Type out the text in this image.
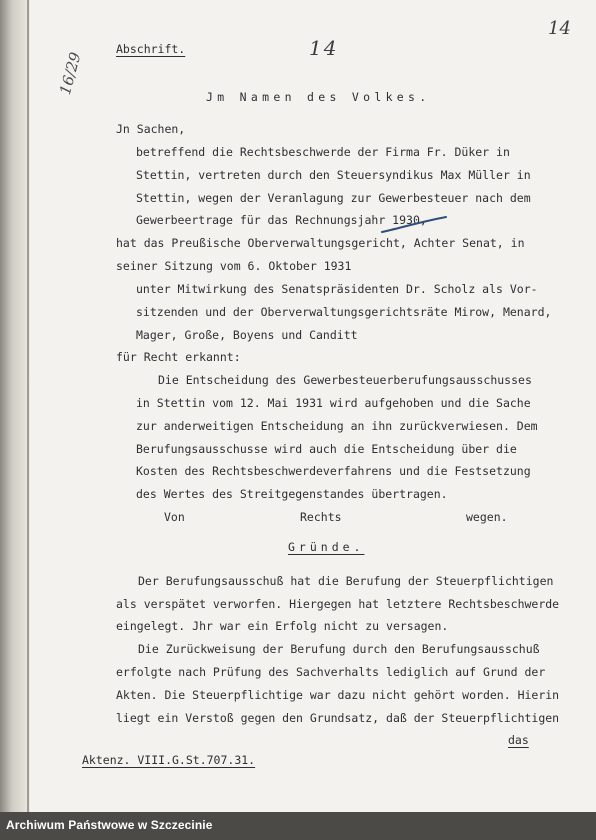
14
14
16/29
Abschrift.
Jm Namen des Volkes.
Jn Sachen,
betreffend die Rechtsbeschwerde der Firma Fr. Düker in
Stettin, vertreten durch den Steuersyndikus Max Müller in
Stettin, wegen der Veranlagung zur Gewerbesteuer nach dem
Gewerbeertrage für das Rechnungsjahr 1930,
hat das Preußische Oberverwaltungsgericht, Achter Senat, in
seiner Sitzung vom 6. Oktober 1931
unter Mitwirkung des Senatspräsidenten Dr. Scholz als Vor-
sitzenden und der Oberverwaltungsgerichtsräte Mirow, Menard,
Mager, Große, Boyens und Canditt
für Recht erkannt:
Die Entscheidung des Gewerbesteuerberufungsausschusses
in Stettin vom 12. Mai 1931 wird aufgehoben und die Sache
zur anderweitigen Entscheidung an ihn zurückverwiesen. Dem
Berufungsausschusse wird auch die Entscheidung über die
Kosten des Rechtsbeschwerdeverfahrens und die Festsetzung
des Wertes des Streitgegenstandes übertragen.
Von	Rechts	wegen.
Gründe.
Der Berufungsausschuß hat die Berufung der Steuerpflichtigen
als verspätet verworfen. Hiergegen hat letztere Rechtsbeschwerde
eingelegt. Jhr war ein Erfolg nicht zu versagen.
Die Zurückweisung der Berufung durch den Berufungsausschuß
erfolgte nach Prüfung des Sachverhalts lediglich auf Grund der
Akten. Die Steuerpflichtige war dazu nicht gehört worden. Hierin
liegt ein Verstoß gegen den Grundsatz, daß der Steuerpflichtigen
das
Aktenz. VIII.G.St.707.31.
Archiwum Państwowe w Szczecinie
